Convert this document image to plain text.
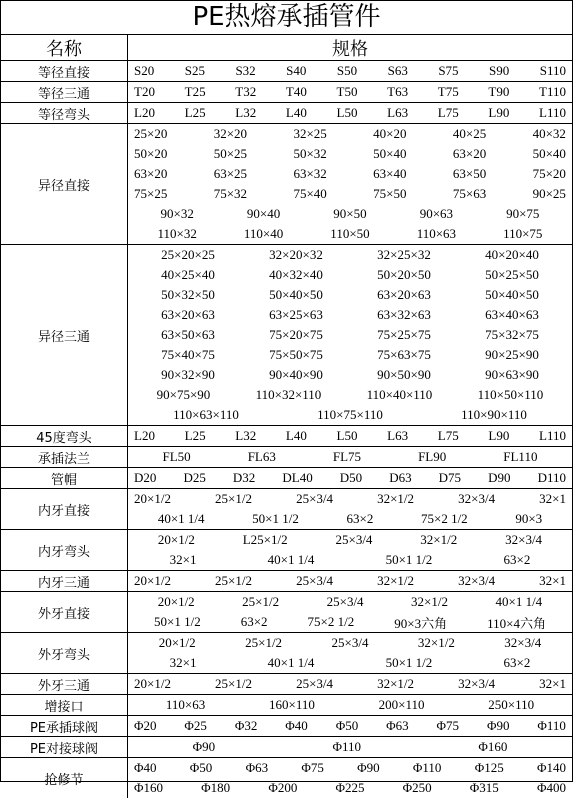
PE热熔承插管件
名称	规格
等径直接	S20 S25 S32 S40 S50 S63 S75 S90 S110
等径三通	T20 T25 T32 T40 T50 T63 T75 T90 T110
等径弯头	L20 L25 L32 L40 L50 L63 L75 L90 L110
异径直接
25×20	32×20	32×25	40×20	40×25	40×32
50×20	50×25	50×32	50×40	63×20	50×40
63×20	63×25	63×32	63×40	63×50	75×20
75×25	75×32	75×40	75×50	75×63	90×25
90×32	90×40	90×50	90×63	90×75
110×32	110×40	110×50	110×63	110×75
异径三通
25×20×25	32×20×32	32×25×32	40×20×40
40×25×40	40×32×40	50×20×50	50×25×50
50×32×50	50×40×50	63×20×63	50×40×50
63×20×63	63×25×63	63×32×63	63×40×63
63×50×63	75×20×75	75×25×75	75×32×75
75×40×75	75×50×75	75×63×75	90×25×90
90×32×90	90×40×90	90×50×90	90×63×90
90×75×90	110×32×110	110×40×110	110×50×110
110×63×110	110×75×110	110×90×110
45度弯头	L20 L25 L32 L40 L50 L63 L75 L90 L110
承插法兰	FL50	FL63	FL75	FL90	FL110
管帽	D20 D25 D32 DL40 D50 D63 D75 D90 D110
内牙直接
20×1/2	25×1/2	25×3/4	32×1/2	32×3/4	32×1
40×1 1/4	50×1 1/2	63×2	75×2 1/2	90×3
内牙弯头
20×1/2	L25×1/2	25×3/4	32×1/2	32×3/4
32×1	40×1 1/4	50×1 1/2	63×2
内牙三通	20×1/2	25×1/2	25×3/4	32×1/2	32×3/4	32×1
外牙直接
20×1/2	25×1/2	25×3/4	32×1/2	40×1 1/4
50×1 1/2	63×2	75×2 1/2	90×3六角	110×4六角
外牙弯头
20×1/2	25×1/2	25×3/4	32×1/2	32×3/4
32×1	40×1 1/4	50×1 1/2	63×2
外牙三通	20×1/2	25×1/2	25×3/4	32×1/2	32×3/4	32×1
增接口	110×63	160×110	200×110	250×110
PE承插球阀	Φ20 Φ25 Φ32 Φ40 Φ50 Φ63 Φ75 Φ90 Φ110
PE对接球阀	Φ90	Φ110	Φ160
抢修节
Φ40	Φ50	Φ63	Φ75	Φ90	Φ110	Φ125	Φ140
Φ160	Φ180	Φ200	Φ225	Φ250	Φ315	Φ400
